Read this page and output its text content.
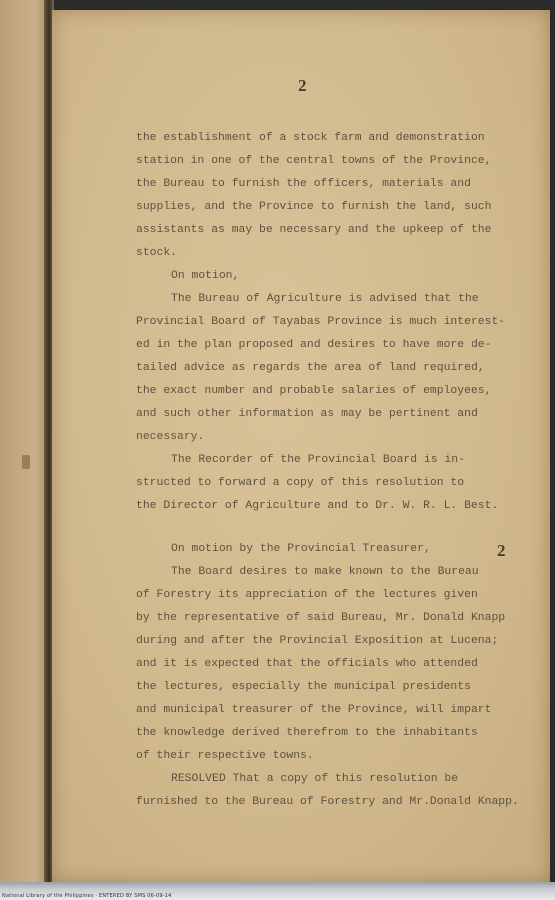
2
2

the establishment of a stock farm and demonstration

station in one of the central towns of the Province,

the Bureau to furnish the officers, materials and

supplies, and the Province to furnish the land, such

assistants as may be necessary and the upkeep of the

stock.

On motion,

The Bureau of Agriculture is advised that the

Provincial Board of Tayabas Province is much interest-

ed in the plan proposed and desires to have more de-

tailed advice as regards the area of land required,

the exact number and probable salaries of employees,

and such other information as may be pertinent and

necessary.

The Recorder of the Provincial Board is in-

structed to forward a copy of this resolution to

the Director of Agriculture and to Dr. W. R. L. Best.

On motion by the Provincial Treasurer,

The Board desires to make known to the Bureau

of Forestry its appreciation of the lectures given

by the representative of said Bureau, Mr. Donald Knapp

during and after the Provincial Exposition at Lucena;

and it is expected that the officials who attended

the lectures, especially the municipal presidents

and municipal treasurer of the Province, will impart

the knowledge derived therefrom to the inhabitants

of their respective towns.

RESOLVED That a copy of this resolution be

furnished to the Bureau of Forestry and Mr.Donald Knapp.

National Library of the Philippines · ENTERED BY SMS 06-09-14
